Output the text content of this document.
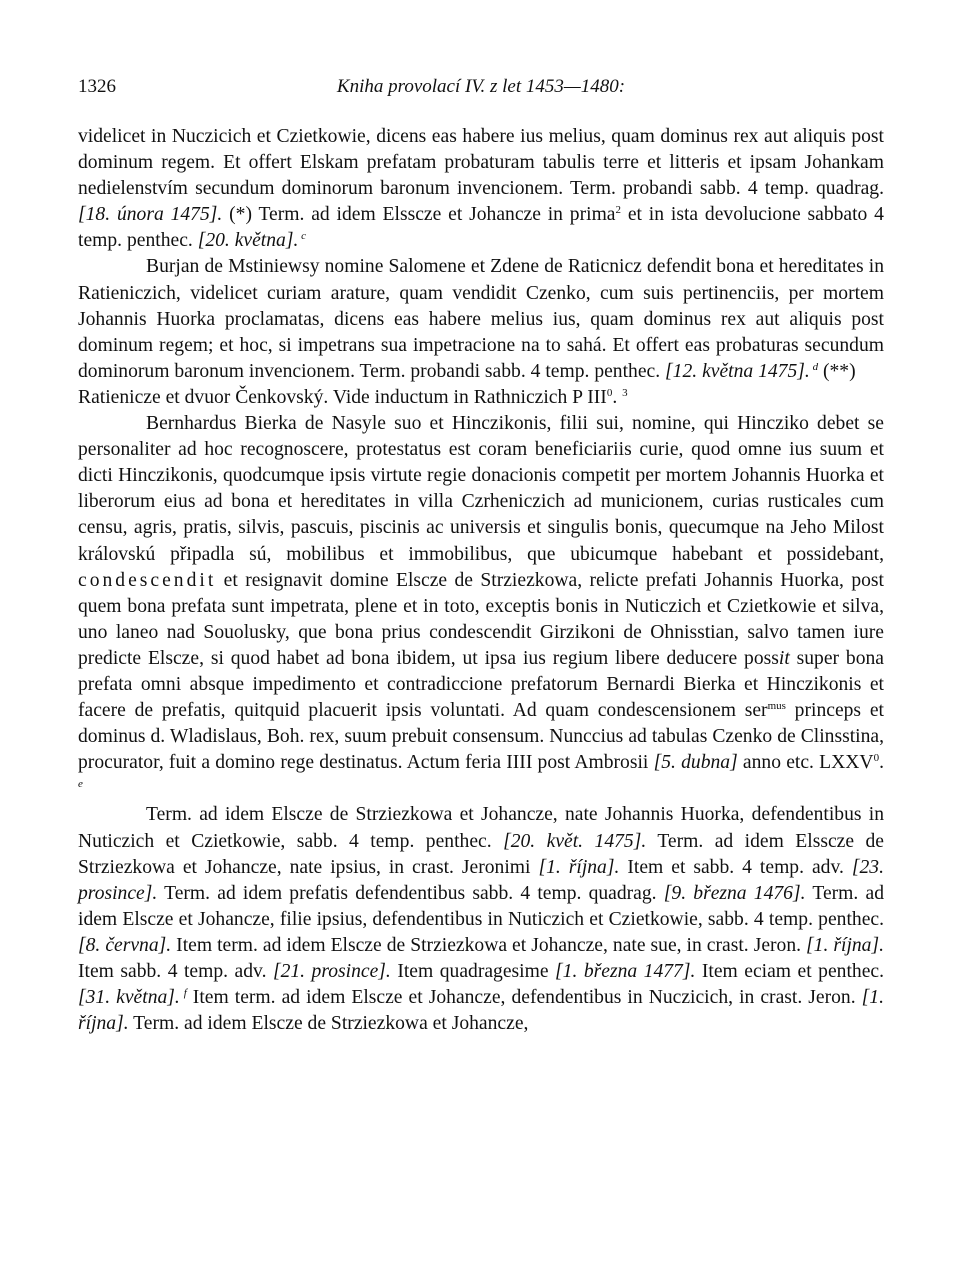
1326	Kniha provolací IV. z let 1453—1480:

videlicet in Nuczicich et Czietkowie, dicens eas habere ius melius, quam dominus rex aut aliquis post dominum regem. Et offert Elskam prefatam probaturam tabulis terre et litteris et ipsam Johankam nedielenstvím secundum dominorum baronum invencionem. Term. probandi sabb. 4 temp. quadrag. [18. února 1475]. (*) Term. ad idem Elsscze et Johancze in prima$^2$ et in ista devolucione sabbato 4 temp. penthec. [20. května]. $^c$

Burjan de Mstiniewsy nomine Salomene et Zdene de Raticnicz defendit bona et hereditates in Ratieniczich, videlicet curiam arature, quam vendidit Czenko, cum suis pertinenciis, per mortem Johannis Huorka proclamatas, dicens eas habere melius ius, quam dominus rex aut aliquis post dominum regem; et hoc, si impetrans sua impetracione na to sahá. Et offert eas probaturas secundum dominorum baronum invencionem. Term. probandi sabb. 4 temp. penthec. [12. května 1475]. $^d$ (**)

Ratienicze et dvuor Čenkovský. Vide inductum in Rathniczich P III$^0$. $^3$

Bernhardus Bierka de Nasyle suo et Hinczikonis, filii sui, nomine, qui Hincziko debet se personaliter ad hoc recognoscere, protestatus est coram beneficiariis curie, quod omne ius suum et dicti Hinczikonis, quodcumque ipsis virtute regie donacionis competit per mortem Johannis Huorka et liberorum eius ad bona et hereditates in villa Czrheniczich ad municionem, curias rusticales cum censu, agris, pratis, silvis, pascuis, piscinis ac universis et singulis bonis, quecumque na Jeho Milost královskú připadla sú, mobilibus et immobilibus, que ubicumque habebant et possidebant, condescendit et resignavit domine Elscze de Strziezkowa, relicte prefati Johannis Huorka, post quem bona prefata sunt impetrata, plene et in toto, exceptis bonis in Nuticzich et Czietkowie et silva, uno laneo nad Souolusky, que bona prius condescendit Girzikoni de Ohnisstian, salvo tamen iure predicte Elscze, si quod habet ad bona ibidem, ut ipsa ius regium libere deducere possit super bona prefata omni absque impedimento et contradiccione prefatorum Bernardi Bierka et Hinczikonis et facere de prefatis, quitquid placuerit ipsis voluntati. Ad quam condescensionem ser$^{mus}$ princeps et dominus d. Wladislaus, Boh. rex, suum prebuit consensum. Nunccius ad tabulas Czenko de Clinsstina, procurator, fuit a domino rege destinatus. Actum feria IIII post Ambrosii [5. dubna] anno etc. LXXV$^0$. $^e$

Term. ad idem Elscze de Strziezkowa et Johancze, nate Johannis Huorka, defendentibus in Nuticzich et Czietkowie, sabb. 4 temp. penthec. [20. květ. 1475]. Term. ad idem Elsscze de Strziezkowa et Johancze, nate ipsius, in crast. Jeronimi [1. října]. Item et sabb. 4 temp. adv. [23. prosince]. Term. ad idem prefatis defendentibus sabb. 4 temp. quadrag. [9. března 1476]. Term. ad idem Elscze et Johancze, filie ipsius, defendentibus in Nuticzich et Czietkowie, sabb. 4 temp. penthec. [8. června]. Item term. ad idem Elscze de Strziezkowa et Johancze, nate sue, in crast. Jeron. [1. října]. Item sabb. 4 temp. adv. [21. prosince]. Item quadragesime [1. března 1477]. Item eciam et penthec. [31. května]. $^f$ Item term. ad idem Elscze et Johancze, defendentibus in Nuczicich, in crast. Jeron. [1. října]. Term. ad idem Elscze de Strziezkowa et Johancze,
